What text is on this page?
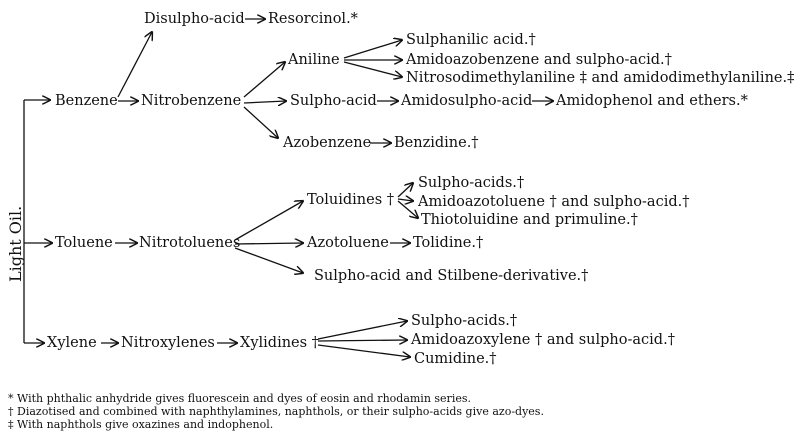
Light Oil.
Disulpho-acid Resorcinol.*
Benzene Nitrobenzene
Aniline
Sulphanilic acid.†
Amidoazobenzene and sulpho-acid.†
Nitrosodimethylaniline ‡ and amidodimethylaniline.‡
Sulpho-acid Amidosulpho-acid Amidophenol and ethers.*
Azobenzene Benzidine.†
Toluene Nitrotoluenes
Toluidines †
Sulpho-acids.†
Amidoazotoluene † and sulpho-acid.†
Thiotoluidine and primuline.†
Azotoluene Tolidine.†
Sulpho-acid and Stilbene-derivative.†
Xylene Nitroxylenes Xylidines †
Sulpho-acids.†
Amidoazoxylene † and sulpho-acid.†
Cumidine.†
* With phthalic anhydride gives fluorescein and dyes of eosin and rhodamin series.
† Diazotised and combined with naphthylamines, naphthols, or their sulpho-acids give azo-dyes.
‡ With naphthols give oxazines and indophenol.
